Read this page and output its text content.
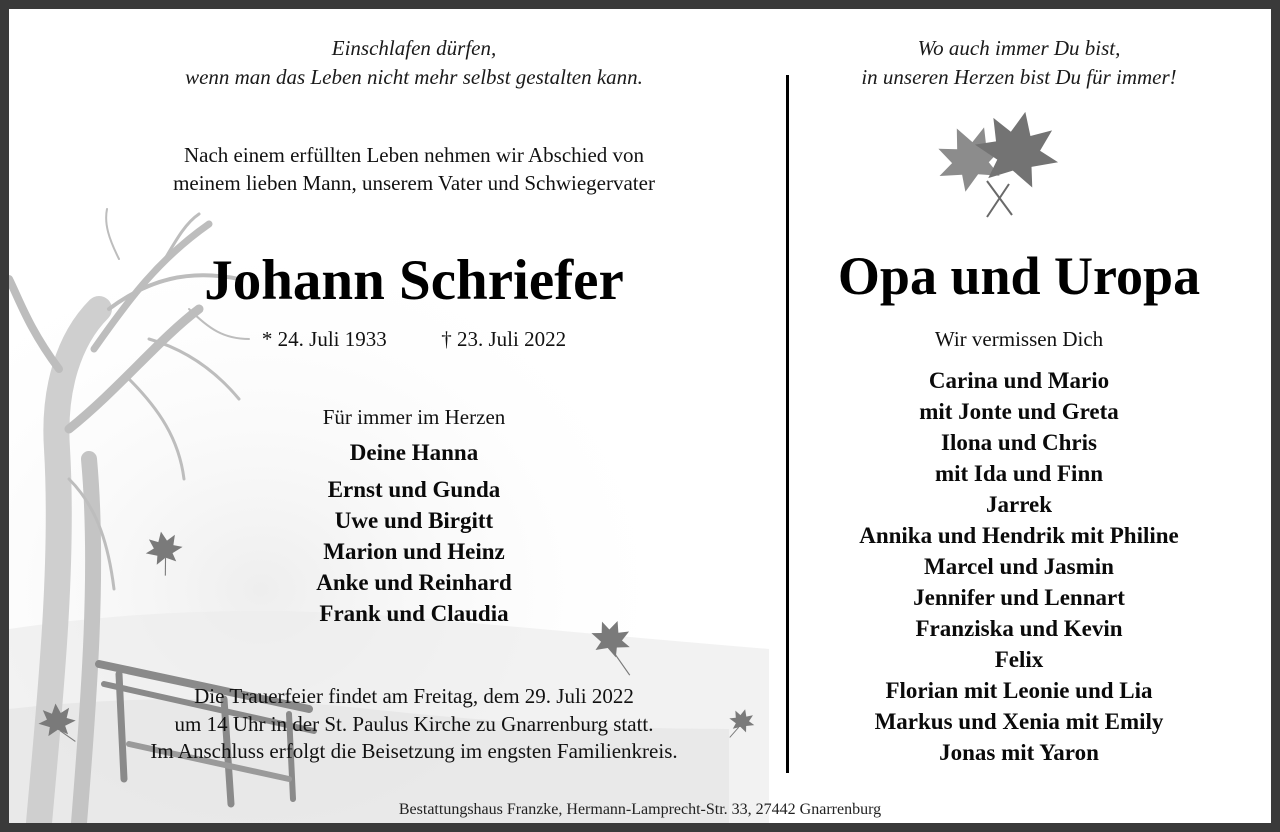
Einschlafen dürfen,
wenn man das Leben nicht mehr selbst gestalten kann.
Nach einem erfüllten Leben nehmen wir Abschied von
meinem lieben Mann, unserem Vater und Schwiegervater
Johann Schriefer
* 24. Juli 1933	† 23. Juli 2022
Für immer im Herzen
Deine Hanna
Ernst und Gunda
Uwe und Birgitt
Marion und Heinz
Anke und Reinhard
Frank und Claudia
Die Trauerfeier findet am Freitag, dem 29. Juli 2022
um 14 Uhr in der St. Paulus Kirche zu Gnarrenburg statt.
Im Anschluss erfolgt die Beisetzung im engsten Familienkreis.
Wo auch immer Du bist,
in unseren Herzen bist Du für immer!
Opa und Uropa
Wir vermissen Dich
Carina und Mario
mit Jonte und Greta
Ilona und Chris
mit Ida und Finn
Jarrek
Annika und Hendrik mit Philine
Marcel und Jasmin
Jennifer und Lennart
Franziska und Kevin
Felix
Florian mit Leonie und Lia
Markus und Xenia mit Emily
Jonas mit Yaron
Bestattungshaus Franzke, Hermann-Lamprecht-Str. 33, 27442 Gnarrenburg
